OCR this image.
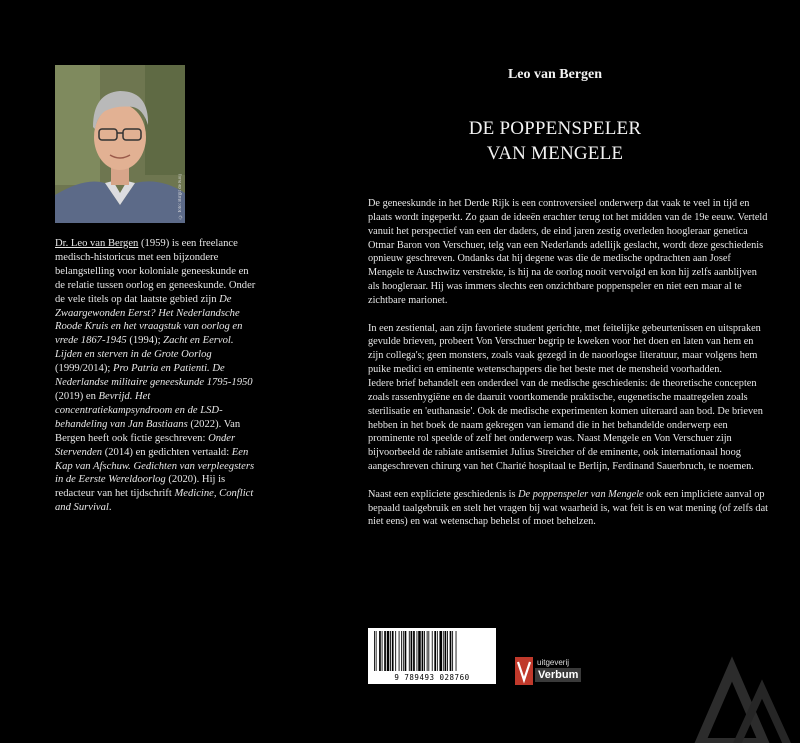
© foto: Birgit de Koij
Dr. Leo van Bergen (1959) is een freelance medisch-historicus met een bijzondere belangstelling voor koloniale geneeskunde en de relatie tussen oorlog en geneeskunde. Onder de vele titels op dat laatste gebied zijn De Zwaargewonden Eerst? Het Nederlandsche Roode Kruis en het vraagstuk van oorlog en vrede 1867-1945 (1994); Zacht en Eervol. Lijden en sterven in de Grote Oorlog (1999/2014); Pro Patria en Patienti. De Nederlandse militaire geneeskunde 1795-1950 (2019) en Bevrijd. Het concentratiekampsyndroom en de LSD-behandeling van Jan Bastiaans (2022). Van Bergen heeft ook fictie geschreven: Onder Stervenden (2014) en gedichten vertaald: Een Kap van Afschuw. Gedichten van verpleegsters in de Eerste Wereldoorlog (2020). Hij is redacteur van het tijdschrift Medicine, Conflict and Survival.
Leo van Bergen
DE POPPENSPELER
VAN MENGELE

De geneeskunde in het Derde Rijk is een controversieel onderwerp dat vaak te veel in tijd en plaats wordt ingeperkt. Zo gaan de ideeën erachter terug tot het midden van de 19e eeuw. Verteld vanuit het perspectief van een der daders, de eind jaren zestig overleden hoogleraar genetica Otmar Baron von Verschuer, telg van een Nederlands adellijk geslacht, wordt deze geschiedenis opnieuw geschreven. Ondanks dat hij degene was die de medische opdrachten aan Josef Mengele te Auschwitz verstrekte, is hij na de oorlog nooit vervolgd en kon hij zelfs aanblijven als hoogleraar. Hij was immers slechts een onzichtbare poppenspeler en niet een maar al te zichtbare marionet.

In een zestiental, aan zijn favoriete student gerichte, met feitelijke gebeurtenissen en uitspraken gevulde brieven, probeert Von Verschuer begrip te kweken voor het doen en laten van hem en zijn collega's; geen monsters, zoals vaak gezegd in de naoorlogse literatuur, maar volgens hem puike medici en eminente wetenschappers die het beste met de mensheid voorhadden.

Iedere brief behandelt een onderdeel van de medische geschiedenis: de theoretische concepten zoals rassenhygiëne en de daaruit voortkomende praktische, eugenetische maatregelen zoals sterilisatie en 'euthanasie'. Ook de medische experimenten komen uiteraard aan bod. De brieven hebben in het boek de naam gekregen van iemand die in het behandelde onderwerp een prominente rol speelde of zelf het onderwerp was. Naast Mengele en Von Verschuer zijn bijvoorbeeld de rabiate antisemiet Julius Streicher of de eminente, ook internationaal hoog aangeschreven chirurg van het Charité hospitaal te Berlijn, Ferdinand Sauerbruch, te noemen.

Naast een expliciete geschiedenis is De poppenspeler van Mengele ook een impliciete aanval op bepaald taalgebruik en stelt het vragen bij wat waarheid is, wat feit is en wat mening (of zelfs dat niet eens) en wat wetenschap behelst of moet behelzen.

9 789493 028760
uitgeverij
Verbum
